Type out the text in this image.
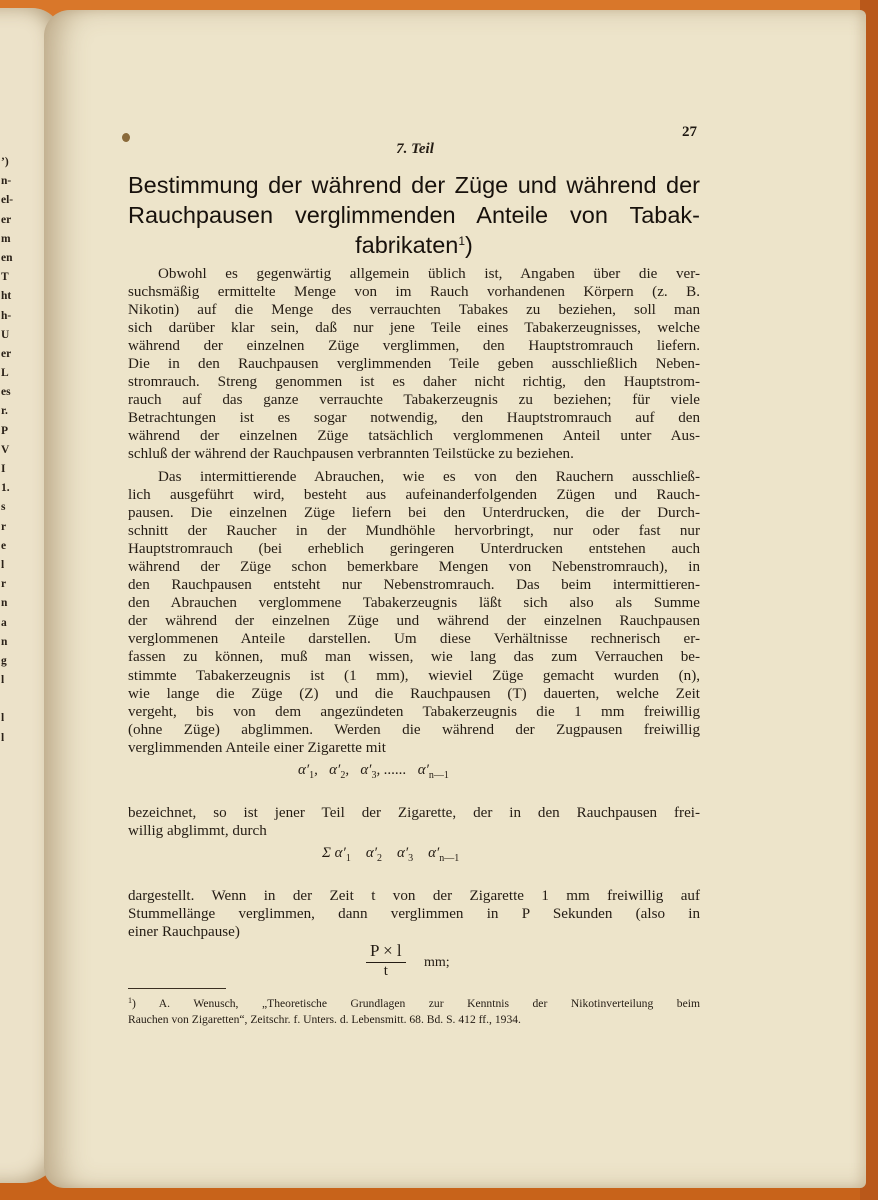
’)
n-
el-
er
m
en
T
ht
h-
U
er
L
es
r.
P
V
I
1.
s
r
e
l
r
n
a
n
g
l
l
l
27
7. Teil
Bestimmung der während der Züge und während der
Rauchpausen verglimmenden Anteile von Tabak-
fabrikaten$^1$)
Obwohl es gegenwärtig allgemein üblich ist, Angaben über die ver-
suchsmäßig ermittelte Menge von im Rauch vorhandenen Körpern (z. B.
Nikotin) auf die Menge des verrauchten Tabakes zu beziehen, soll man
sich darüber klar sein, daß nur jene Teile eines Tabakerzeugnisses, welche
während der einzelnen Züge verglimmen, den Hauptstromrauch liefern.
Die in den Rauchpausen verglimmenden Teile geben ausschließlich Neben-
stromrauch. Streng genommen ist es daher nicht richtig, den Hauptstrom-
rauch auf das ganze verrauchte Tabakerzeugnis zu beziehen; für viele
Betrachtungen ist es sogar notwendig, den Hauptstromrauch auf den
während der einzelnen Züge tatsächlich verglommenen Anteil unter Aus-
schluß der während der Rauchpausen verbrannten Teilstücke zu beziehen.
Das intermittierende Abrauchen, wie es von den Rauchern ausschließ-
lich ausgeführt wird, besteht aus aufeinanderfolgenden Zügen und Rauch-
pausen. Die einzelnen Züge liefern bei den Unterdrucken, die der Durch-
schnitt der Raucher in der Mundhöhle hervorbringt, nur oder fast nur
Hauptstromrauch (bei erheblich geringeren Unterdrucken entstehen auch
während der Züge schon bemerkbare Mengen von Nebenstromrauch), in
den Rauchpausen entsteht nur Nebenstromrauch. Das beim intermittieren-
den Abrauchen verglommene Tabakerzeugnis läßt sich also als Summe
der während der einzelnen Züge und während der einzelnen Rauchpausen
verglommenen Anteile darstellen. Um diese Verhältnisse rechnerisch er-
fassen zu können, muß man wissen, wie lang das zum Verrauchen be-
stimmte Tabakerzeugnis ist (1 mm), wieviel Züge gemacht wurden (n),
wie lange die Züge (Z) und die Rauchpausen (T) dauerten, welche Zeit
vergeht, bis von dem angezündeten Tabakerzeugnis die 1 mm freiwillig
(ohne Züge) abglimmen. Werden die während der Zugpausen freiwillig
verglimmenden Anteile einer Zigarette mit
$\alpha'_1$, $\alpha'_2$, $\alpha'_3$, ...... $\alpha'_{n—1}$
bezeichnet, so ist jener Teil der Zigarette, der in den Rauchpausen frei-
willig abglimmt, durch
Σ $\alpha'_1$ $\alpha'_2$ $\alpha'_3$ $\alpha'_{n—1}$
dargestellt. Wenn in der Zeit t von der Zigarette 1 mm freiwillig auf
Stummellänge verglimmen, dann verglimmen in P Sekunden (also in
einer Rauchpause)
$\frac{P \times l}{t}$ mm;
$^1$) A. Wenusch, „Theoretische Grundlagen zur Kenntnis der Nikotinverteilung beim
Rauchen von Zigaretten“, Zeitschr. f. Unters. d. Lebensmitt. 68. Bd. S. 412 ff., 1934.
